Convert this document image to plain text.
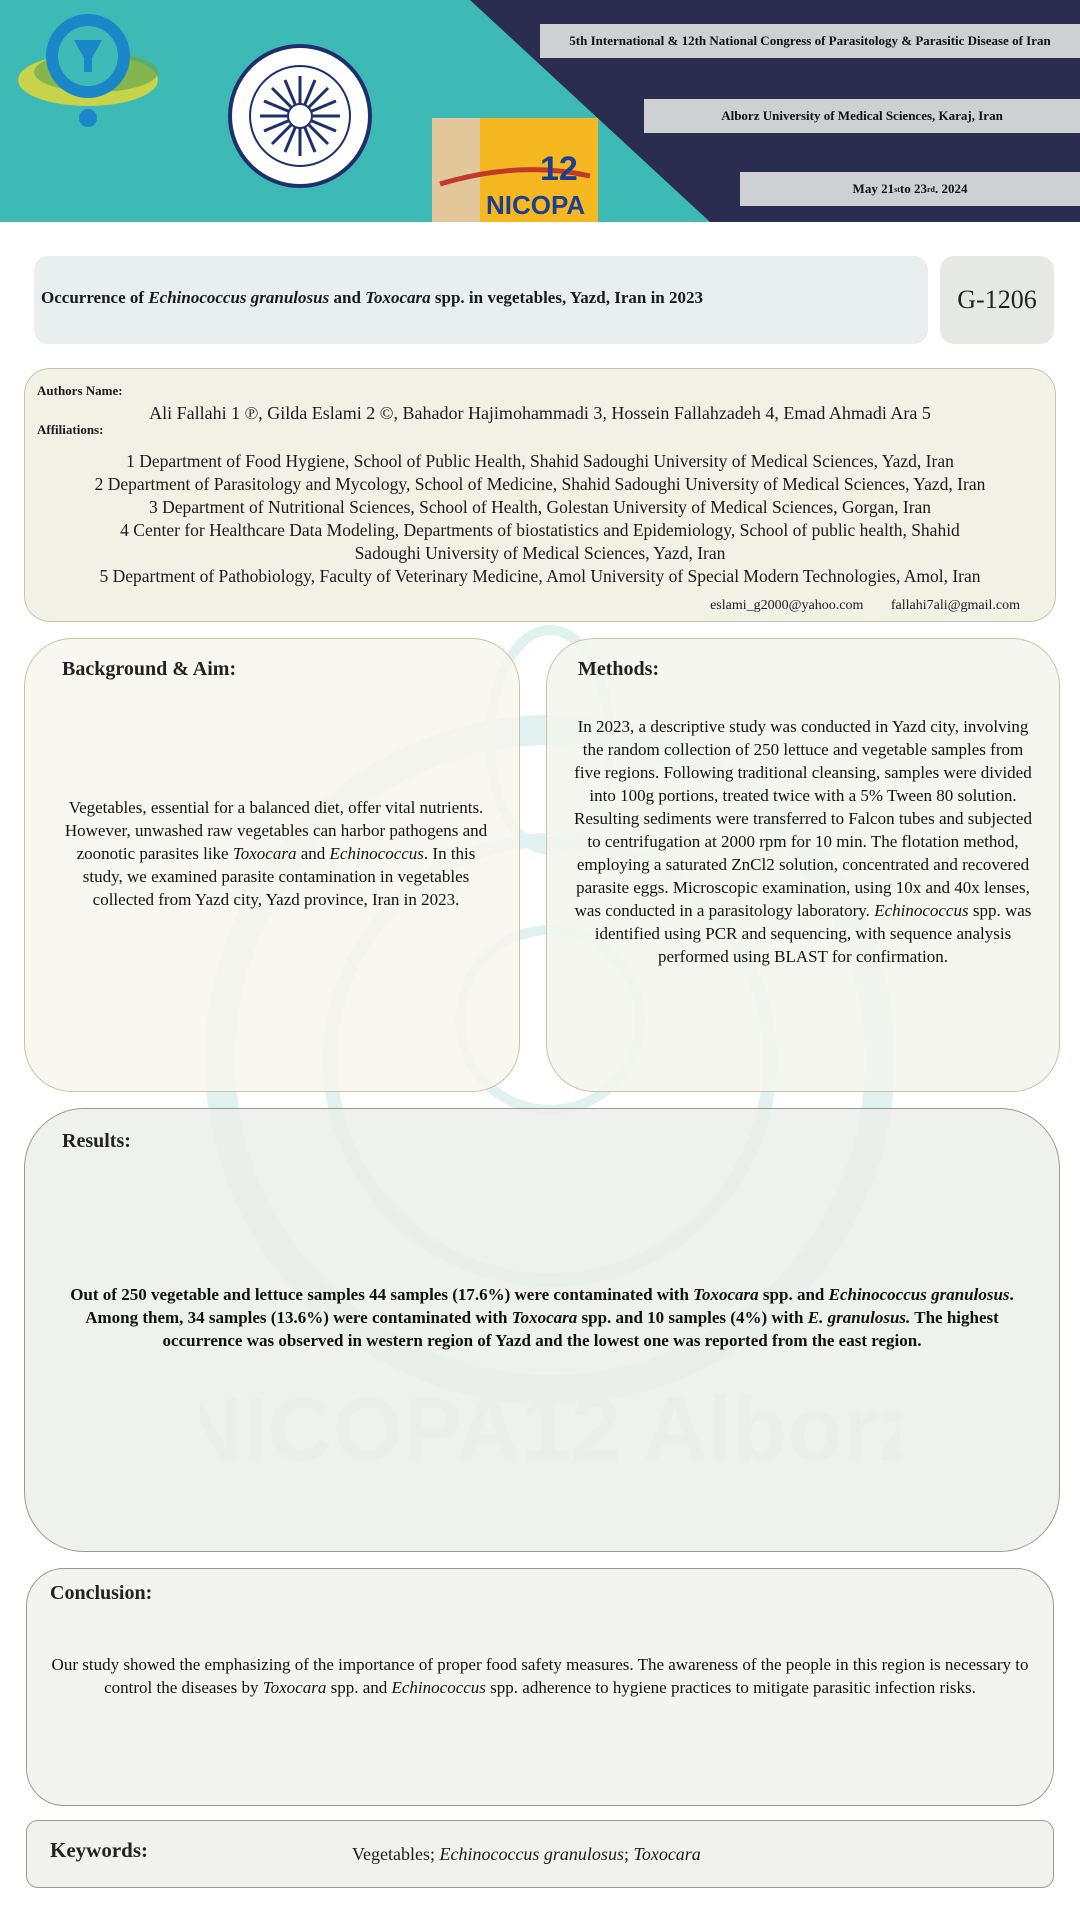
NICOPA
12
5th International & 12th National Congress of Parasitology & Parasitic Disease of Iran
Alborz University of Medical Sciences, Karaj, Iran
May 21 st to 23 rd . 2024
Occurrence of Echinococcus granulosus and Toxocara spp. in vegetables, Yazd, Iran in 2023	G-1206
Authors Name:
Ali Fallahi 1 ℗, Gilda Eslami 2 ©, Bahador Hajimohammadi 3, Hossein Fallahzadeh 4, Emad Ahmadi Ara 5
Affiliations:
1 Department of Food Hygiene, School of Public Health, Shahid Sadoughi University of Medical Sciences, Yazd, Iran
2 Department of Parasitology and Mycology, School of Medicine, Shahid Sadoughi University of Medical Sciences, Yazd, Iran
3 Department of Nutritional Sciences, School of Health, Golestan University of Medical Sciences, Gorgan, Iran
4 Center for Healthcare Data Modeling, Departments of biostatistics and Epidemiology, School of public health, Shahid
Sadoughi University of Medical Sciences, Yazd, Iran
5 Department of Pathobiology, Faculty of Veterinary Medicine, Amol University of Special Modern Technologies, Amol, Iran
eslami_g2000@yahoo.com fallahi7ali@gmail.com
Background & Aim:
Vegetables, essential for a balanced diet, offer vital nutrients. However, unwashed raw vegetables can harbor pathogens and zoonotic parasites like Toxocara and Echinococcus. In this study, we examined parasite contamination in vegetables collected from Yazd city, Yazd province, Iran in 2023.
Methods:
In 2023, a descriptive study was conducted in Yazd city, involving the random collection of 250 lettuce and vegetable samples from five regions. Following traditional cleansing, samples were divided into 100g portions, treated twice with a 5% Tween 80 solution. Resulting sediments were transferred to Falcon tubes and subjected to centrifugation at 2000 rpm for 10 min. The flotation method, employing a saturated ZnCl2 solution, concentrated and recovered parasite eggs. Microscopic examination, using 10x and 40x lenses, was conducted in a parasitology laboratory. Echinococcus spp. was identified using PCR and sequencing, with sequence analysis performed using BLAST for confirmation.
Results:
Out of 250 vegetable and lettuce samples 44 samples (17.6%) were contaminated with Toxocara spp. and Echinococcus granulosus. Among them, 34 samples (13.6%) were contaminated with Toxocara spp. and 10 samples (4%) with E. granulosus. The highest occurrence was observed in western region of Yazd and the lowest one was reported from the east region.
Conclusion:
Our study showed the emphasizing of the importance of proper food safety measures. The awareness of the people in this region is necessary to control the diseases by Toxocara spp. and Echinococcus spp. adherence to hygiene practices to mitigate parasitic infection risks.
Keywords:	Vegetables; Echinococcus granulosus; Toxocara
